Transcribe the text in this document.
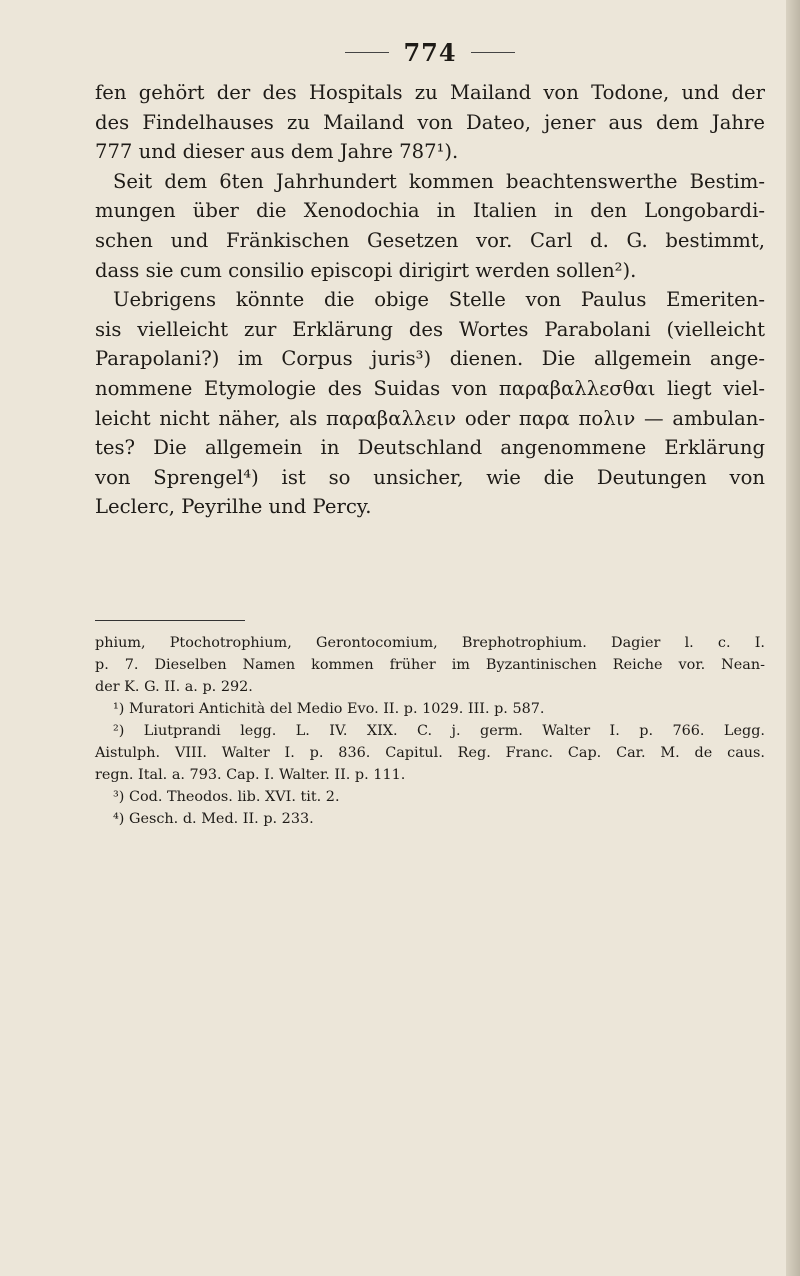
774
fen gehört der des Hospitals zu Mailand von Todone, und der
des Findelhauses zu Mailand von Dateo, jener aus dem Jahre
777 und dieser aus dem Jahre 787¹).
Seit dem 6ten Jahrhundert kommen beachtenswerthe Bestim-
mungen über die Xenodochia in Italien in den Longobardi-
schen und Fränkischen Gesetzen vor. Carl d. G. bestimmt,
dass sie cum consilio episcopi dirigirt werden sollen²).
Uebrigens könnte die obige Stelle von Paulus Emeriten-
sis vielleicht zur Erklärung des Wortes Parabolani (vielleicht
Parapolani?) im Corpus juris³) dienen. Die allgemein ange-
nommene Etymologie des Suidas von παραβαλλεσθαι liegt viel-
leicht nicht näher, als παραβαλλειν oder παρα πολιν — ambulan-
tes? Die allgemein in Deutschland angenommene Erklärung
von Sprengel⁴) ist so unsicher, wie die Deutungen von
Leclerc, Peyrilhe und Percy.
phium, Ptochotrophium, Gerontocomium, Brephotrophium. Dagier l. c. I.
p. 7. Dieselben Namen kommen früher im Byzantinischen Reiche vor. Nean-
der K. G. II. a. p. 292.
¹) Muratori Antichità del Medio Evo. II. p. 1029. III. p. 587.
²) Liutprandi legg. L. IV. XIX. C. j. germ. Walter I. p. 766. Legg.
Aistulph. VIII. Walter I. p. 836. Capitul. Reg. Franc. Cap. Car. M. de caus.
regn. Ital. a. 793. Cap. I. Walter. II. p. 111.
³) Cod. Theodos. lib. XVI. tit. 2.
⁴) Gesch. d. Med. II. p. 233.
